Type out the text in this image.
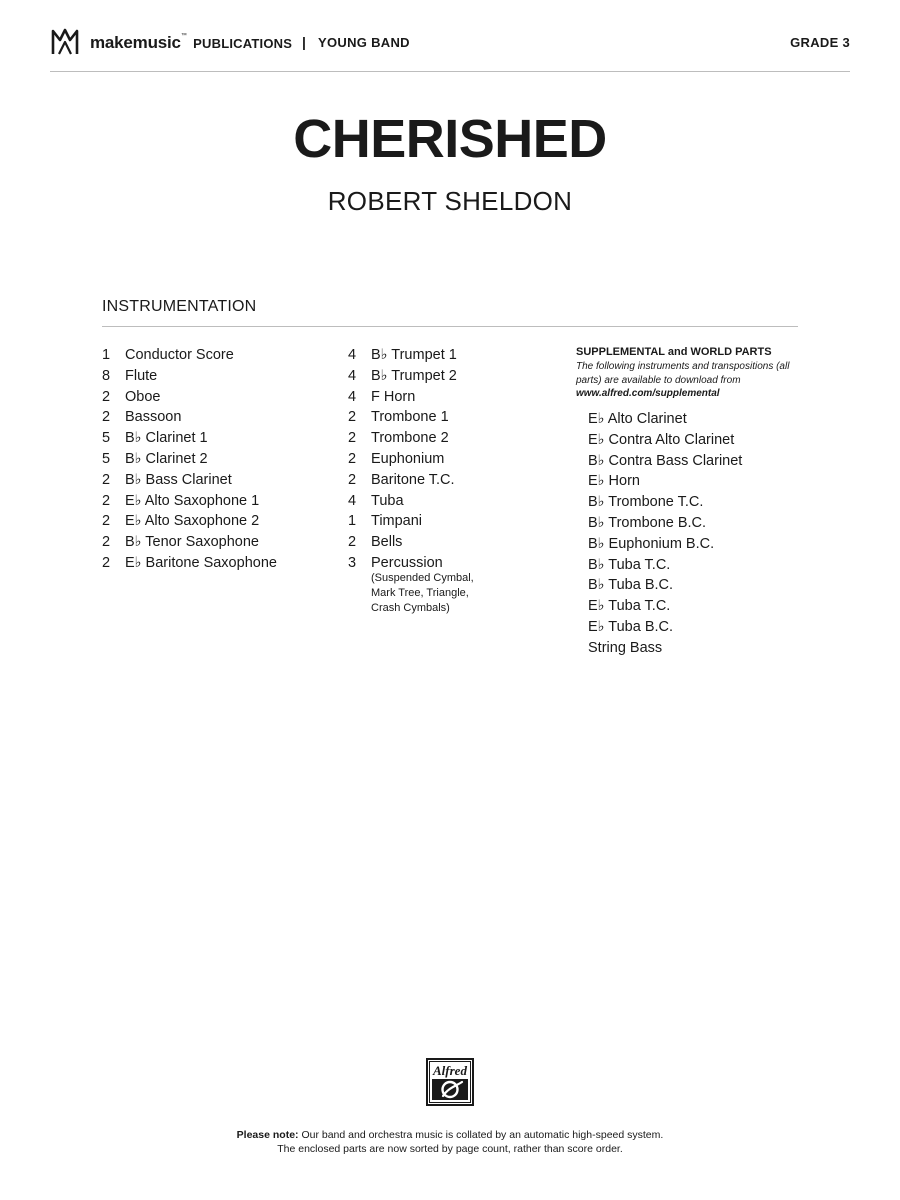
makemusic™ PUBLICATIONS | YOUNG BAND	GRADE 3
CHERISHED
ROBERT SHELDON
INSTRUMENTATION
1	Conductor Score
8	Flute
2	Oboe
2	Bassoon
5	B♭ Clarinet 1
5	B♭ Clarinet 2
2	B♭ Bass Clarinet
2	E♭ Alto Saxophone 1
2	E♭ Alto Saxophone 2
2	B♭ Tenor Saxophone
2	E♭ Baritone Saxophone
4	B♭ Trumpet 1
4	B♭ Trumpet 2
4	F Horn
2	Trombone 1
2	Trombone 2
2	Euphonium
2	Baritone T.C.
4	Tuba
1	Timpani
2	Bells
3	Percussion
(Suspended Cymbal,
Mark Tree, Triangle,
Crash Cymbals)
SUPPLEMENTAL and WORLD PARTS
The following instruments and transpositions (all parts) are available to download from
www.alfred.com/supplemental
E♭ Alto Clarinet
E♭ Contra Alto Clarinet
B♭ Contra Bass Clarinet
E♭ Horn
B♭ Trombone T.C.
B♭ Trombone B.C.
B♭ Euphonium B.C.
B♭ Tuba T.C.
B♭ Tuba B.C.
E♭ Tuba T.C.
E♭ Tuba B.C.
String Bass
Alfred
Please note: Our band and orchestra music is collated by an automatic high-speed system.
The enclosed parts are now sorted by page count, rather than score order.
